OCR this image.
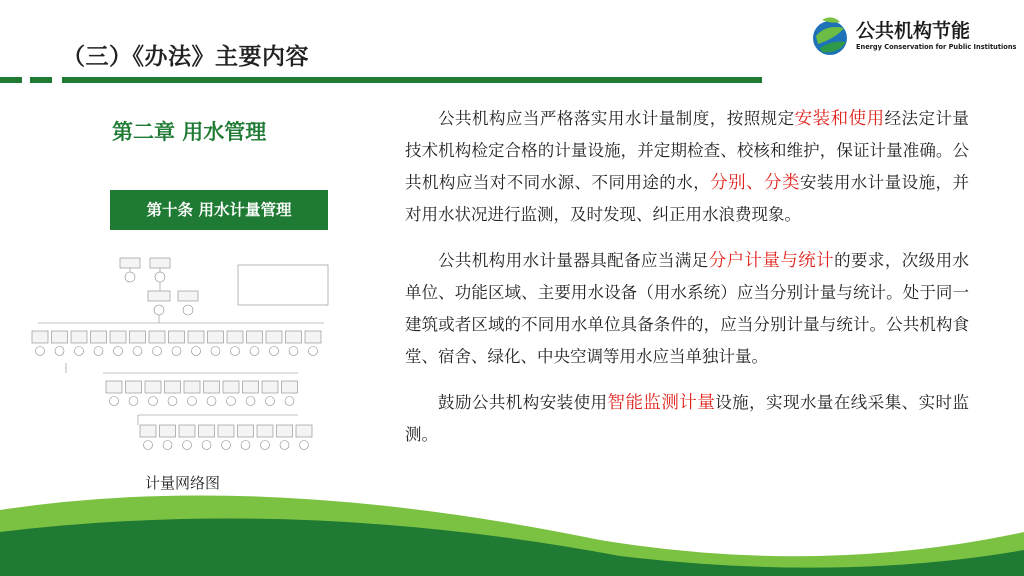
（三）《办法》主要内容
公共机构节能
Energy Conservation for Public Institutions
第二章 用水管理
第十条 用水计量管理
计量网络图

公共机构应当严格落实用水计量制度，按照规定安装和使用经法定计量技术机构检定合格的计量设施，并定期检查、校核和维护，保证计量准确。公共机构应当对不同水源、不同用途的水，分别、分类安装用水计量设施，并对用水状况进行监测，及时发现、纠正用水浪费现象。

公共机构用水计量器具配备应当满足分户计量与统计的要求，次级用水单位、功能区域、主要用水设备（用水系统）应当分别计量与统计。处于同一建筑或者区域的不同用水单位具备条件的，应当分别计量与统计。公共机构食堂、宿舍、绿化、中央空调等用水应当单独计量。

鼓励公共机构安装使用智能监测计量设施，实现水量在线采集、实时监测。
